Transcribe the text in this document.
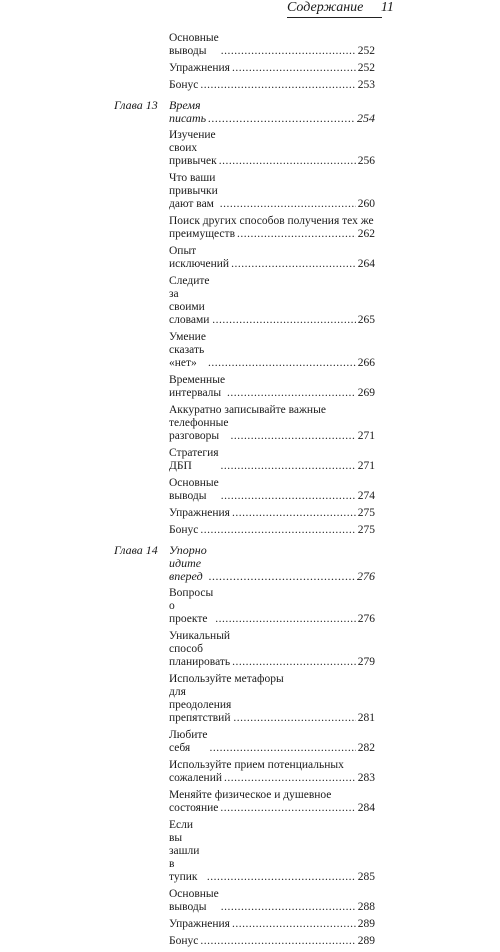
Содержание 11
Основные выводы .....	252
Упражнения .....	252
Бонус .....	253
Глава 13 Время писать .....	254
Изучение своих привычек .....	256
Что ваши привычки дают вам .....	260
Поиск других способов получения тех же
преимуществ .....	262
Опыт исключений .....	264
Следите за своими словами .....	265
Умение сказать «нет» .....	266
Временные интервалы .....	269
Аккуратно записывайте важные
телефонные разговоры .....	271
Стратегия ДБП .....	271
Основные выводы .....	274
Упражнения .....	275
Бонус .....	275
Глава 14 Упорно идите вперед .....	276
Вопросы о проекте .....	276
Уникальный способ планировать .....	279
Используйте метафоры
для преодоления препятствий .....	281
Любите себя .....	282
Используйте прием потенциальных
сожалений .....	283
Меняйте физическое и душевное
состояние .....	284
Если вы зашли в тупик .....	285
Основные выводы .....	288
Упражнения .....	289
Бонус .....	289
